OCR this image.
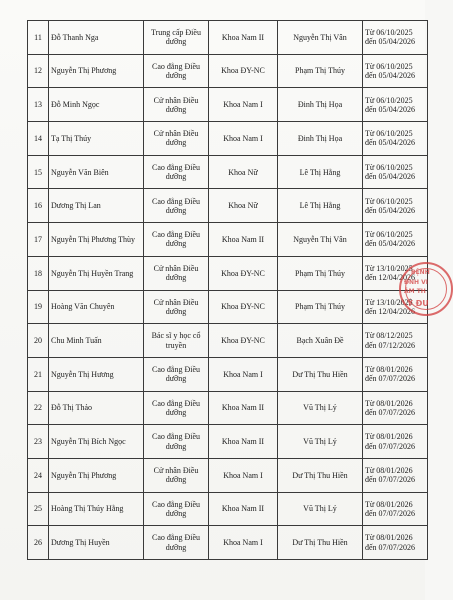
11	Đỗ Thanh Nga	Trung cấp Điều dưỡng	Khoa Nam II	Nguyễn Thị Vân	Từ 06/10/2025
đến 05/04/2026

12	Nguyễn Thị Phương	Cao đẳng Điều dưỡng	Khoa ĐY-NC	Phạm Thị Thúy	Từ 06/10/2025
đến 05/04/2026

13	Đỗ Minh Ngọc	Cử nhân Điều dưỡng	Khoa Nam I	Đinh Thị Họa	Từ 06/10/2025
đến 05/04/2026

14	Tạ Thị Thúy	Cử nhân Điều dưỡng	Khoa Nam I	Đinh Thị Họa	Từ 06/10/2025
đến 05/04/2026

15	Nguyễn Văn Biên	Cao đẳng Điều dưỡng	Khoa Nữ	Lê Thị Hằng	Từ 06/10/2025
đến 05/04/2026

16	Dương Thị Lan	Cao đẳng Điều dưỡng	Khoa Nữ	Lê Thị Hằng	Từ 06/10/2025
đến 05/04/2026

17	Nguyễn Thị Phương Thùy	Cao đẳng Điều dưỡng	Khoa Nam II	Nguyễn Thị Vân	Từ 06/10/2025
đến 05/04/2026

18	Nguyễn Thị Huyền Trang	Cử nhân Điều dưỡng	Khoa ĐY-NC	Phạm Thị Thúy	Từ 13/10/2025
đến 12/04/2026

19	Hoàng Văn Chuyên	Cử nhân Điều dưỡng	Khoa ĐY-NC	Phạm Thị Thúy	Từ 13/10/2025
đến 12/04/2026

20	Chu Minh Tuấn	Bác sĩ y học cổ truyền	Khoa ĐY-NC	Bạch Xuân Đề	Từ 08/12/2025
đến 07/12/2026

21	Nguyễn Thị Hương	Cao đẳng Điều dưỡng	Khoa Nam I	Dư Thị Thu Hiền	Từ 08/01/2026
đến 07/07/2026

22	Đỗ Thị Thảo	Cao đẳng Điều dưỡng	Khoa Nam II	Vũ Thị Lý	Từ 08/01/2026
đến 07/07/2026

23	Nguyễn Thị Bích Ngọc	Cao đẳng Điều dưỡng	Khoa Nam II	Vũ Thị Lý	Từ 08/01/2026
đến 07/07/2026

24	Nguyễn Thị Phương	Cử nhân Điều dưỡng	Khoa Nam I	Dư Thị Thu Hiền	Từ 08/01/2026
đến 07/07/2026

25	Hoàng Thị Thúy Hằng	Cao đẳng Điều dưỡng	Khoa Nam II	Vũ Thị Lý	Từ 08/01/2026
đến 07/07/2026

26	Dương Thị Huyền	Cao đẳng Điều dưỡng	Khoa Nam I	Dư Thị Thu Hiền	Từ 08/01/2026
đến 07/07/2026
BỆNH
ĐNH VI
ÂM TH
Ý ĐU
